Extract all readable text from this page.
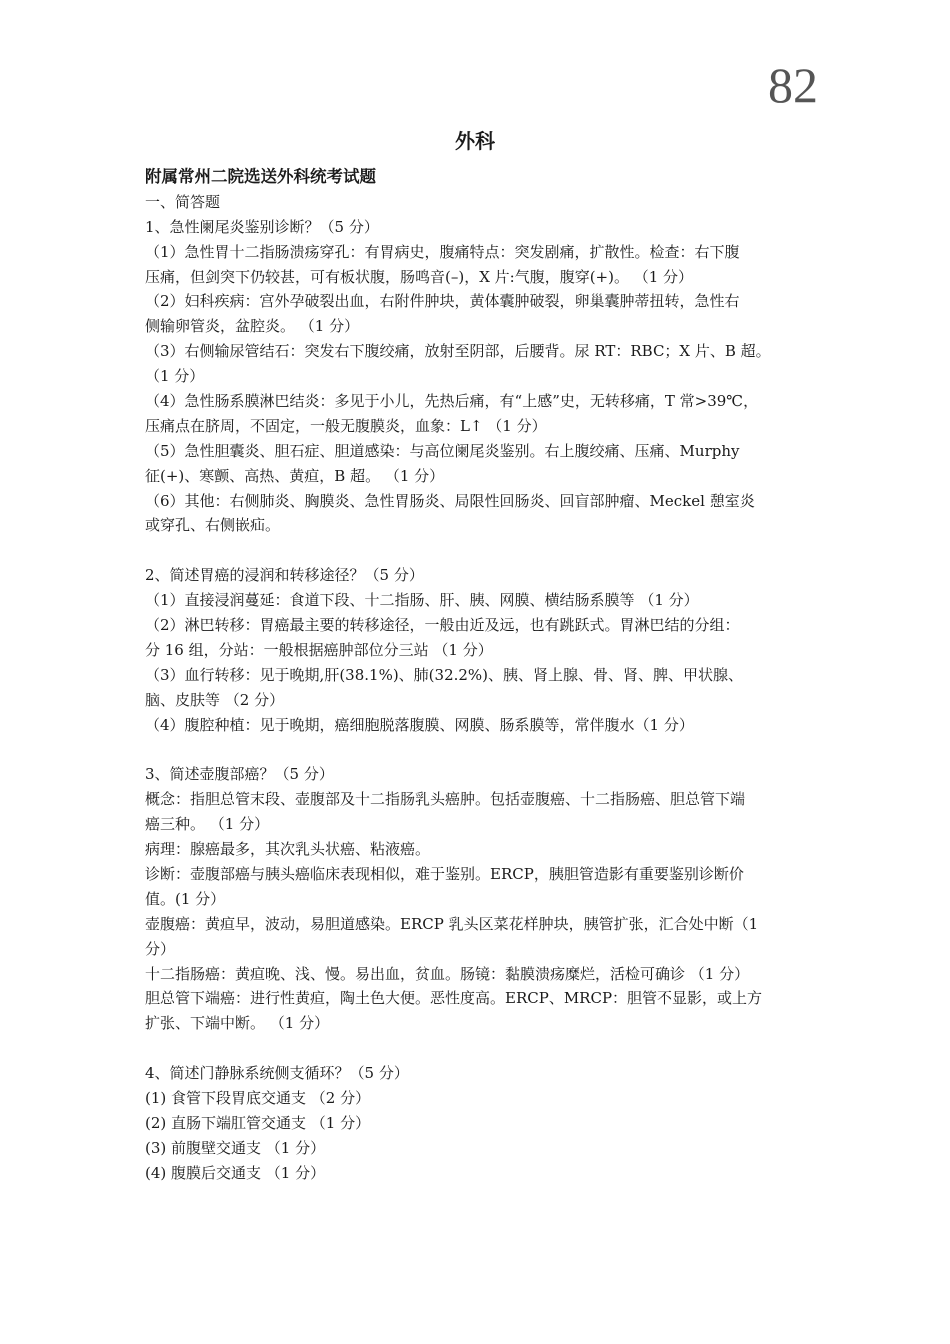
82
外科
附属常州二院选送外科统考试题
一、简答题
1、急性阑尾炎鉴别诊断？（5 分）
（1）急性胃十二指肠溃疡穿孔：有胃病史，腹痛特点：突发剧痛，扩散性。检查：右下腹
压痛，但剑突下仍较甚，可有板状腹，肠鸣音(–)，X 片:气腹，腹穿(+)。 （1 分）
（2）妇科疾病：宫外孕破裂出血，右附件肿块，黄体囊肿破裂，卵巢囊肿蒂扭转，急性右
侧输卵管炎，盆腔炎。 （1 分）
（3）右侧输尿管结石：突发右下腹绞痛，放射至阴部，后腰背。尿 RT：RBC；X 片、B 超。
（1 分）
（4）急性肠系膜淋巴结炎：多见于小儿，先热后痛，有“上感”史，无转移痛，T 常>39℃，
压痛点在脐周，不固定，一般无腹膜炎，血象：L↑ （1 分）
（5）急性胆囊炎、胆石症、胆道感染：与高位阑尾炎鉴别。右上腹绞痛、压痛、Murphy
征(+)、寒颤、高热、黄疸，B 超。 （1 分）
（6）其他：右侧肺炎、胸膜炎、急性胃肠炎、局限性回肠炎、回盲部肿瘤、Meckel 憩室炎
或穿孔、右侧嵌疝。
2、简述胃癌的浸润和转移途径？（5 分）
（1）直接浸润蔓延：食道下段、十二指肠、肝、胰、网膜、横结肠系膜等 （1 分）
（2）淋巴转移：胃癌最主要的转移途径，一般由近及远，也有跳跃式。胃淋巴结的分组：
分 16 组，分站：一般根据癌肿部位分三站 （1 分）
（3）血行转移：见于晚期,肝(38.1%)、肺(32.2%)、胰、肾上腺、骨、肾、脾、甲状腺、
脑、皮肤等 （2 分）
（4）腹腔种植：见于晚期，癌细胞脱落腹膜、网膜、肠系膜等，常伴腹水（1 分）
3、简述壶腹部癌？（5 分）
概念：指胆总管末段、壶腹部及十二指肠乳头癌肿。包括壶腹癌、十二指肠癌、胆总管下端
癌三种。 （1 分）
病理：腺癌最多，其次乳头状癌、粘液癌。
诊断：壶腹部癌与胰头癌临床表现相似，难于鉴别。ERCP，胰胆管造影有重要鉴别诊断价
值。(1 分）
壶腹癌：黄疸早，波动，易胆道感染。ERCP 乳头区菜花样肿块，胰管扩张，汇合处中断（1
分）
十二指肠癌：黄疸晚、浅、慢。易出血，贫血。肠镜：黏膜溃疡糜烂，活检可确诊 （1 分）
胆总管下端癌：进行性黄疸，陶土色大便。恶性度高。ERCP、MRCP：胆管不显影，或上方
扩张、下端中断。 （1 分）
4、简述门静脉系统侧支循环？（5 分）
(1) 食管下段胃底交通支 （2 分）
(2) 直肠下端肛管交通支 （1 分）
(3) 前腹壁交通支 （1 分）
(4) 腹膜后交通支 （1 分）
